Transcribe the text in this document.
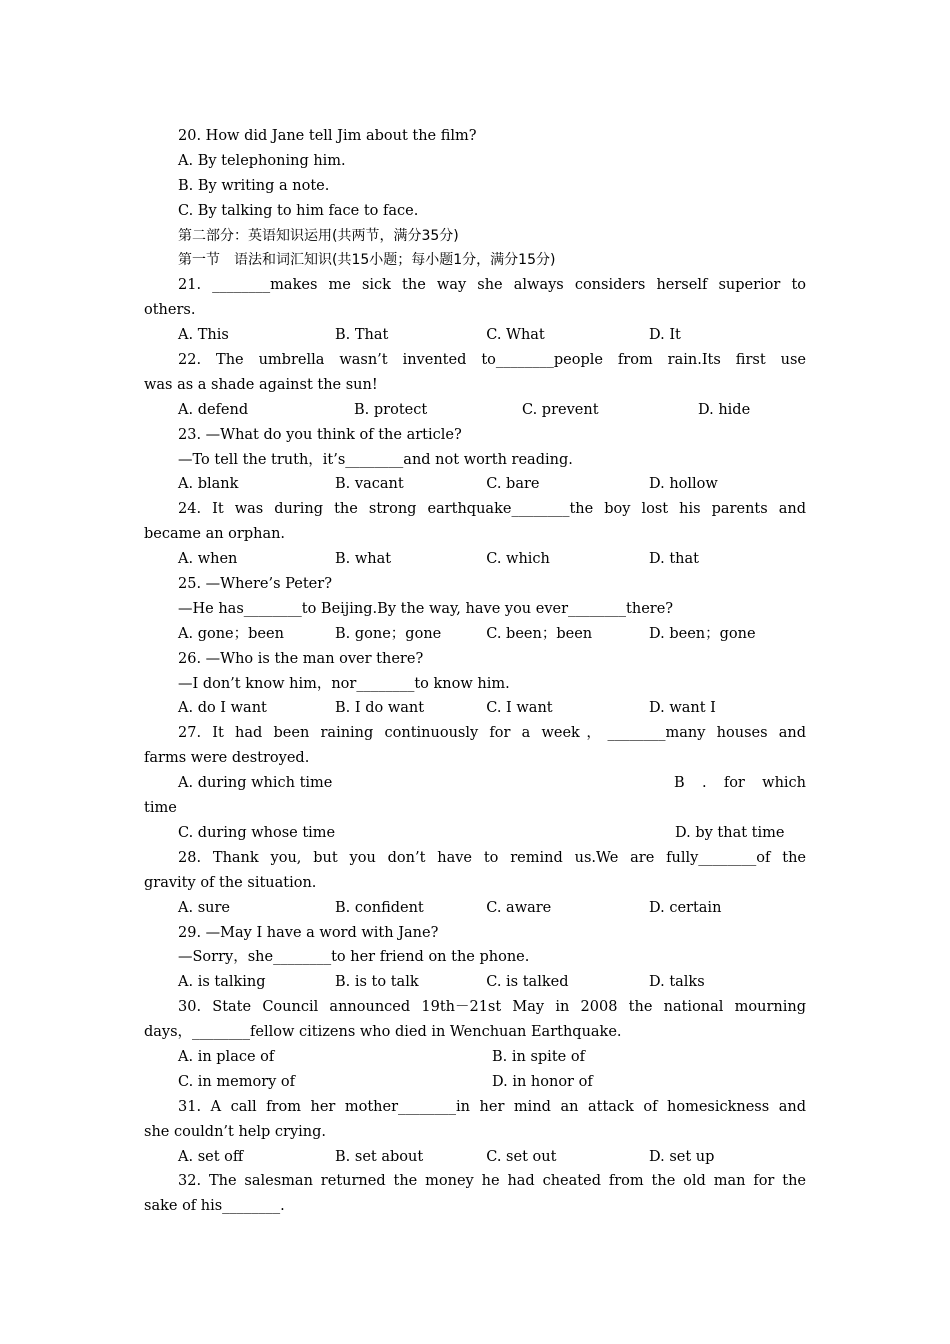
20. How did Jane tell Jim about the film?
A. By telephoning him.
B. By writing a note.
C. By talking to him face to face.
第二部分：英语知识运用(共两节，满分35分)
第一节　语法和词汇知识(共15小题；每小题1分，满分15分)
21. ________makes me sick the way she always considers herself superior to
others.
A. This	B. That	C. What	D. It
22. The umbrella wasn’t invented to________people from rain.Its first use
was as a shade against the sun!
A. defend	B. protect	C. prevent	D. hide
23. —What do you think of the article?
—To tell the truth，it’s________and not worth reading.
A. blank	B. vacant	C. bare	D. hollow
24. It was during the strong earthquake________the boy lost his parents and
became an orphan.
A. when	B. what	C. which	D. that
25. —Where’s Peter?
—He has________to Beijing.By the way, have you ever________there?
A. gone；been	B. gone；gone	C. been；been	D. been；gone
26. —Who is the man over there?
—I don’t know him，nor________to know him.
A. do I want	B. I do want	C. I want	D. want I
27. It had been raining continuously for a week，________many houses and
farms were destroyed.
A. during which time	B . for which
time
C. during whose time	D. by that time
28. Thank you, but you don’t have to remind us.We are fully________of the
gravity of the situation.
A. sure	B. confident	C. aware	D. certain
29. —May I have a word with Jane?
—Sorry，she________to her friend on the phone.
A. is talking	B. is to talk	C. is talked	D. talks
30. State Council announced 19th－21st May in 2008 the national mourning
days，________fellow citizens who died in Wenchuan Earthquake.
A. in place of	B. in spite of
C. in memory of	D. in honor of
31. A call from her mother________in her mind an attack of homesickness and
she couldn’t help crying.
A. set off	B. set about	C. set out	D. set up
32. The salesman returned the money he had cheated from the old man for the
sake of his________.
